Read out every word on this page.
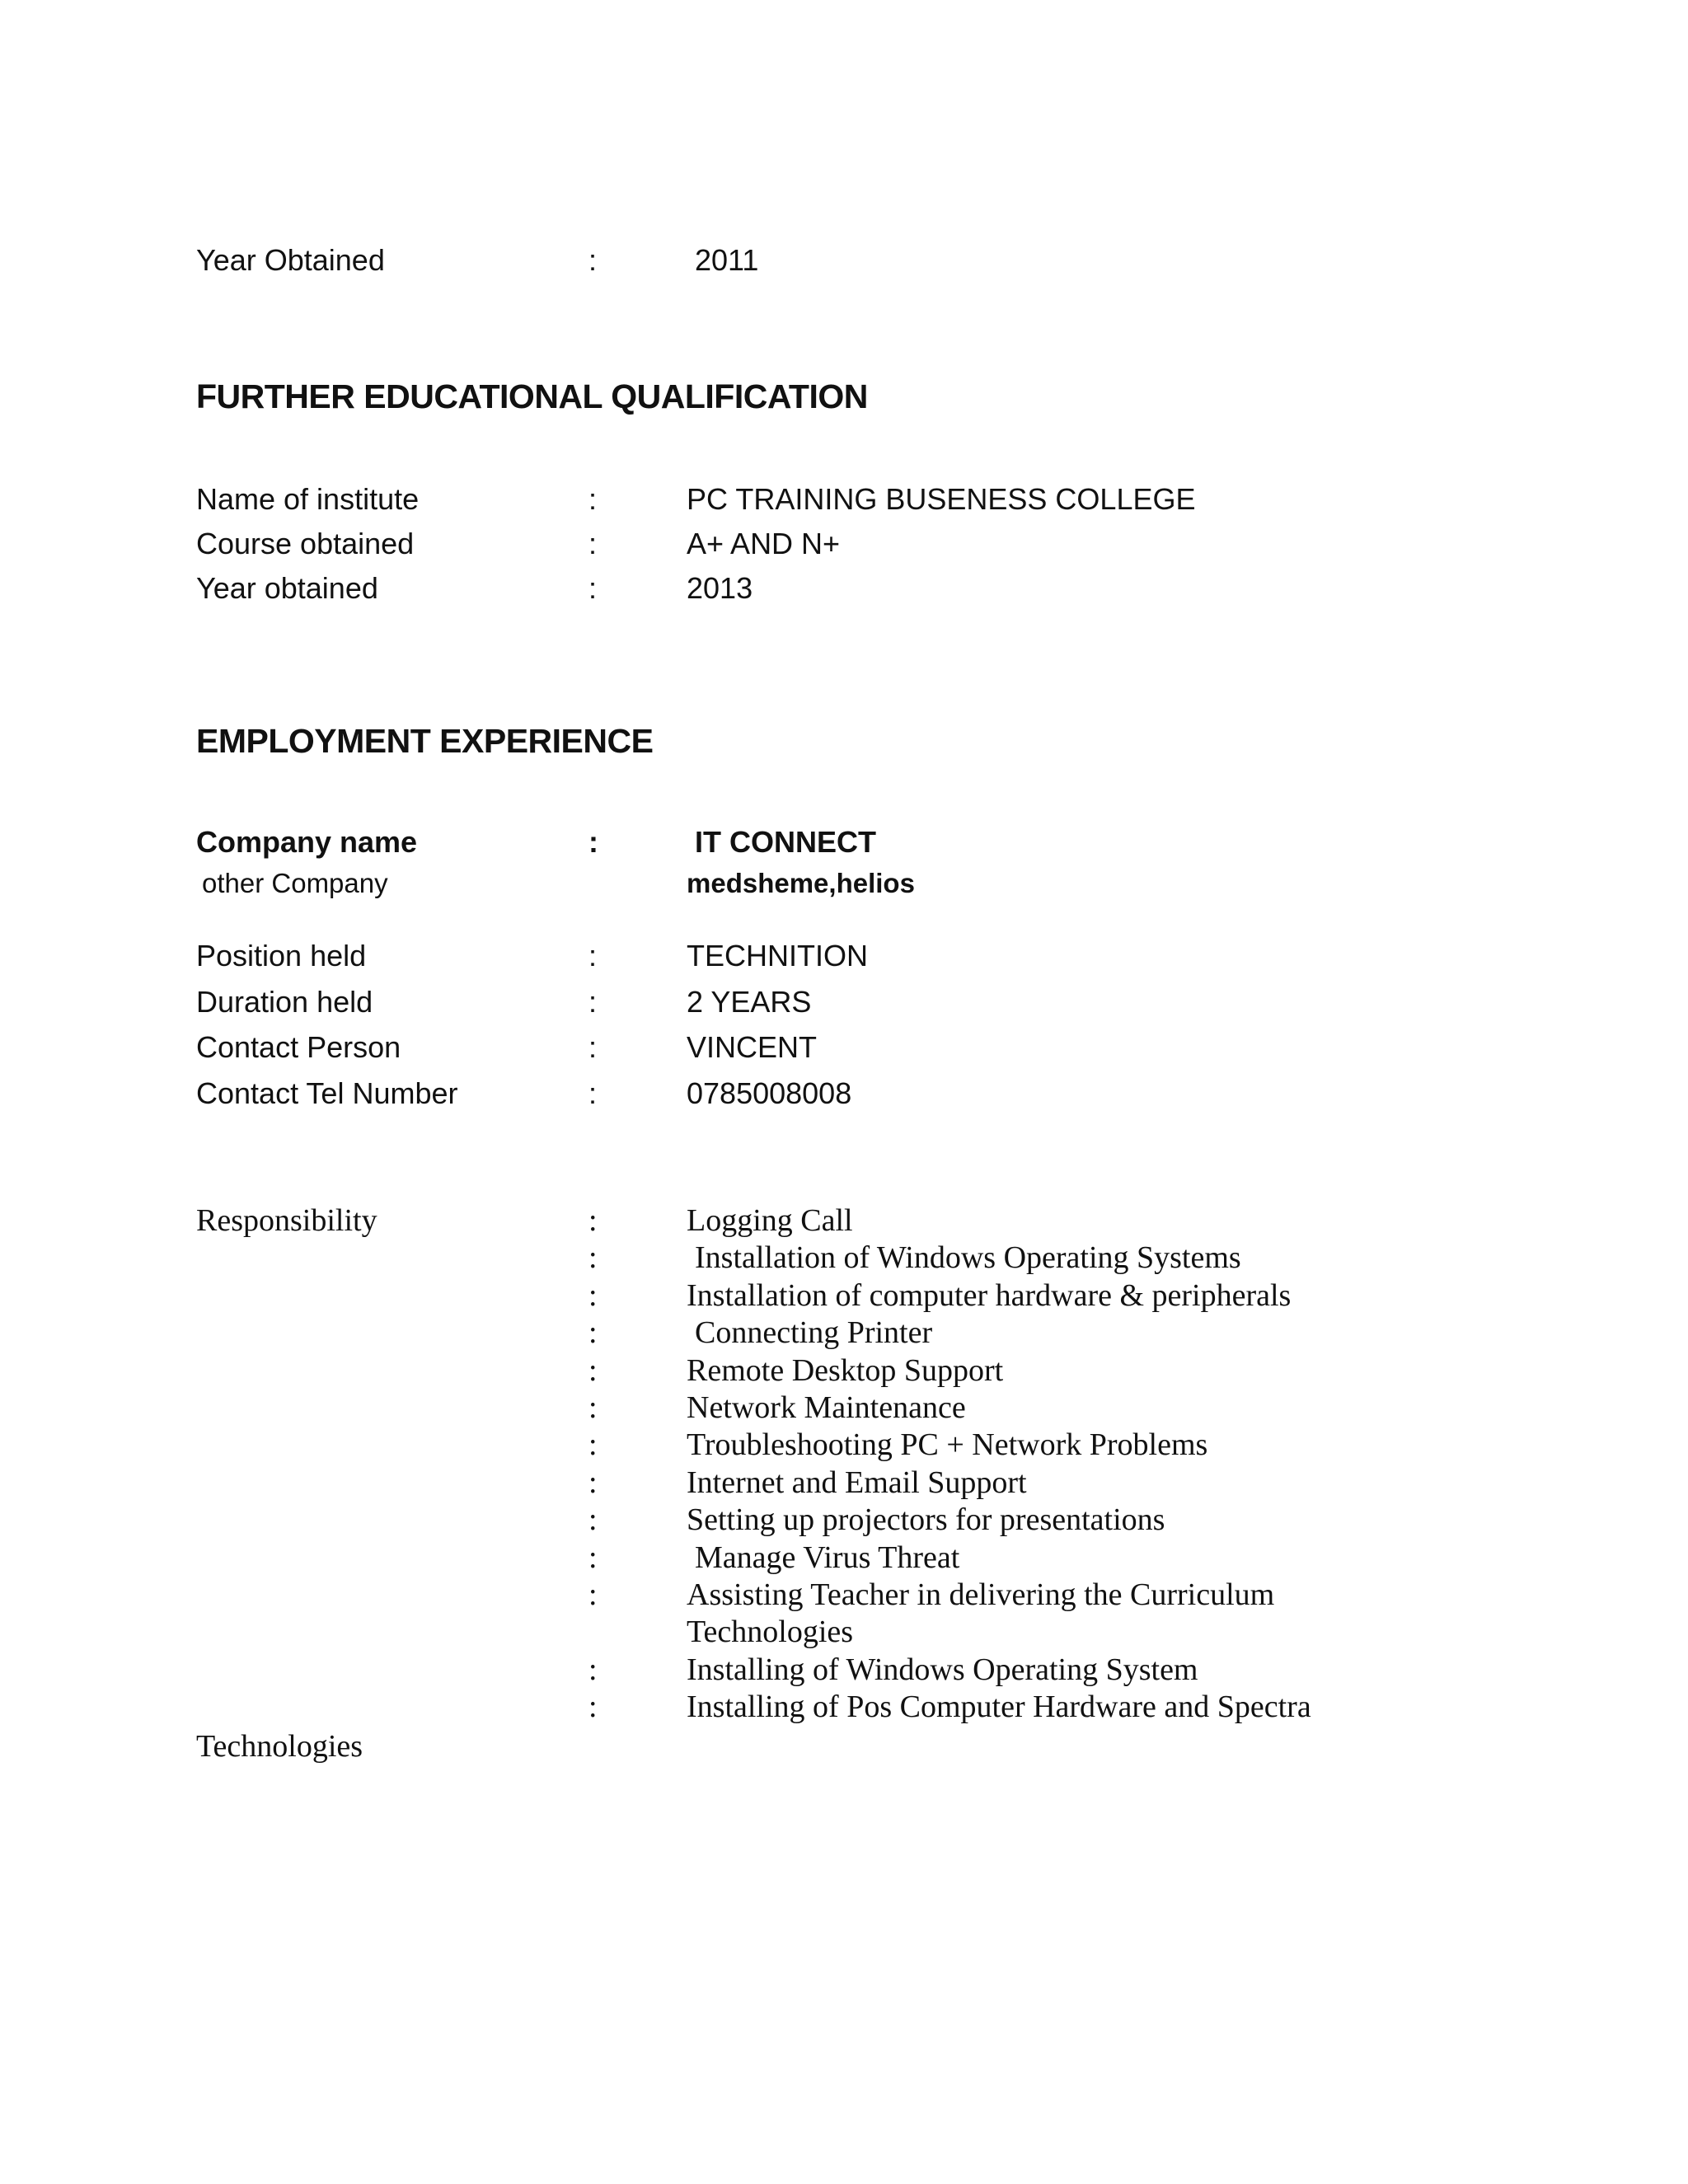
Year Obtained	:	2011
FURTHER EDUCATIONAL QUALIFICATION
Name of institute	:	PC TRAINING BUSENESS COLLEGE
Course obtained	:	A+ AND N+
Year obtained	:	2013
EMPLOYMENT EXPERIENCE
Company name	:	IT CONNECT
other Company	medsheme,helios
Position held	:	TECHNITION
Duration held	:	2 YEARS
Contact Person	:	VINCENT
Contact Tel Number	:	0785008008
Responsibility	:	Logging Call
:	Installation of Windows Operating Systems
:	Installation of computer hardware & peripherals
:	Connecting Printer
:	Remote Desktop Support
:	Network Maintenance
:	Troubleshooting PC + Network Problems
:	Internet and Email Support
:	Setting up projectors for presentations
:	Manage Virus Threat
:	Assisting Teacher in delivering the Curriculum
Technologies
:	Installing of Windows Operating System
:	Installing of Pos Computer Hardware and Spectra
Technologies
